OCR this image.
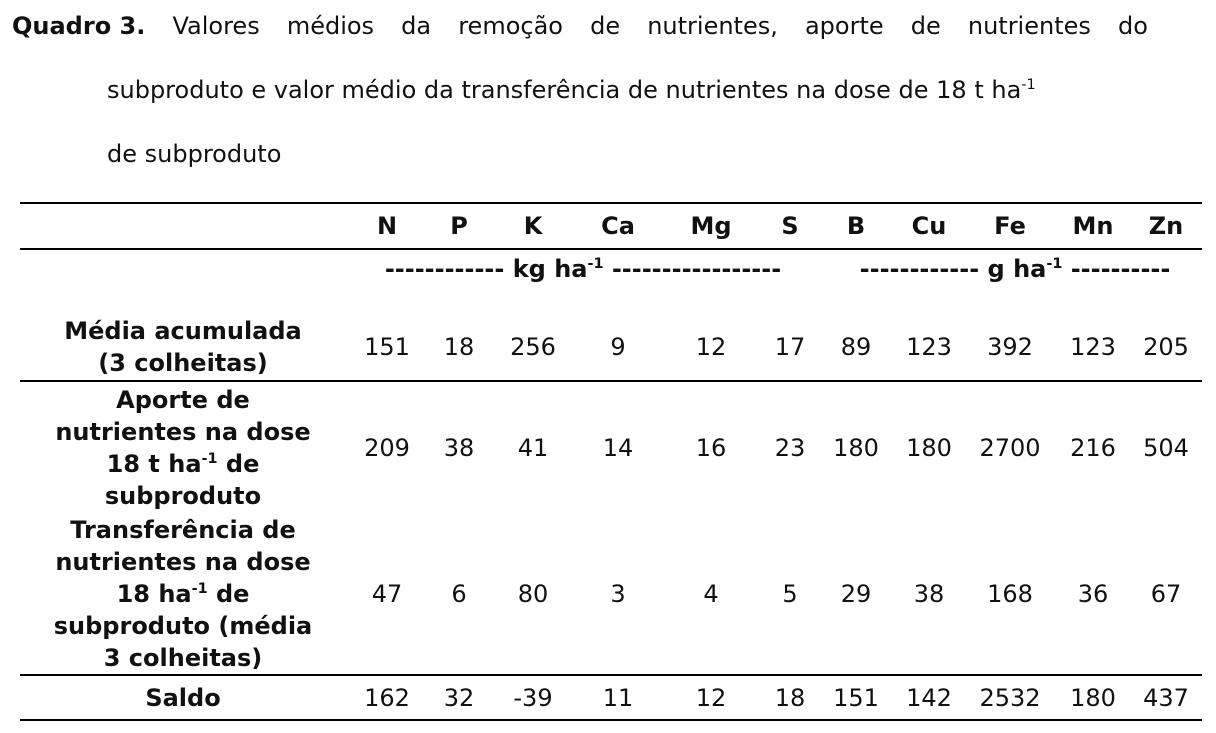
Quadro 3. Valores médios da remoção de nutrientes, aporte de nutrientes do
subproduto e valor médio da transferência de nutrientes na dose de 18 t $ha^{-1}$
de subproduto
------------ kg $ha^{-1}$ -----------------	------------ g $ha^{-1}$ ----------
N	P	K	Ca	Mg	S	B	Cu	Fe	Mn	Zn
Média acumulada
(3 colheitas)
151	18	256	9	12	17	89	123	392	123	205
Aporte de
nutrientes na dose
18 t $ha^{-1}$ de
subproduto
209	38	41	14	16	23	180	180	2700	216	504
Transferência de
nutrientes na dose
18 $ha^{-1}$ de
subproduto (média
3 colheitas)
47	6	80	3	4	5	29	38	168	36	67
Saldo	162	32	-39	11	12	18	151	142	2532	180	437
